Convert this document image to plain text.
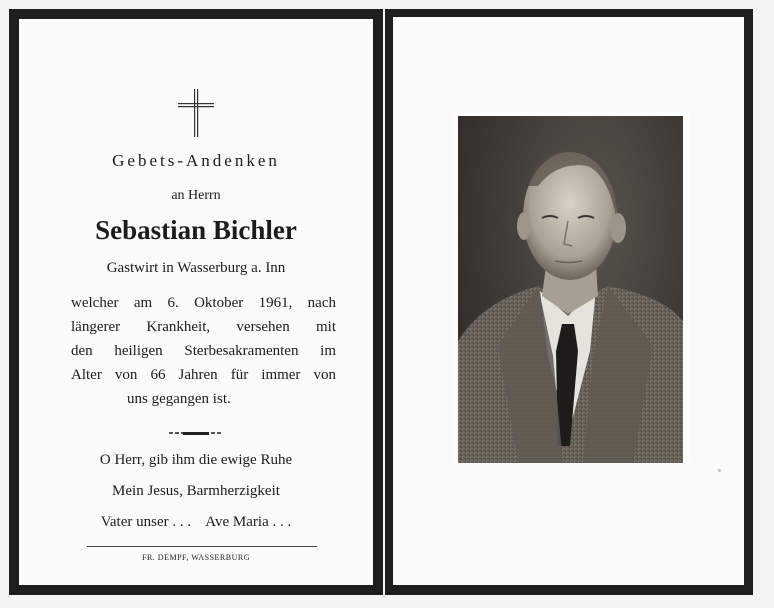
Gebets-Andenken
an Herrn
Sebastian Bichler
Gastwirt in Wasserburg a. Inn
welcher am 6. Oktober 1961, nach
längerer Krankheit, versehen mit
den heiligen Sterbesakramenten im
Alter von 66 Jahren für immer von
uns gegangen ist.
O Herr, gib ihm die ewige Ruhe
Mein Jesus, Barmherzigkeit
Vater unser . . .    Ave Maria . . .
FR. DEMPF, WASSERBURG
